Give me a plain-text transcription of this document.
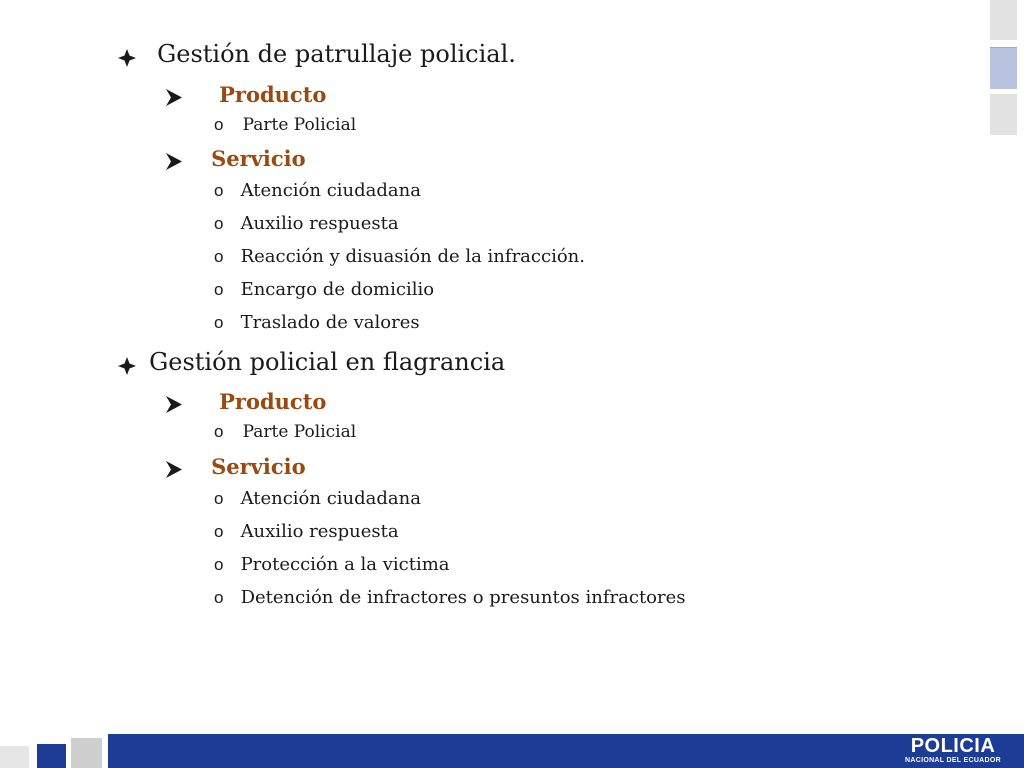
Gestión de patrullaje policial.
Producto
o Parte Policial
Servicio
o Atención ciudadana
o Auxilio respuesta
o Reacción y disuasión de la infracción.
o Encargo de domicilio
o Traslado de valores
Gestión policial en flagrancia
Producto
o Parte Policial
Servicio
o Atención ciudadana
o Auxilio respuesta
o Protección a la victima
o Detención de infractores o presuntos infractores
POLICIA
NACIONAL DEL ECUADOR
